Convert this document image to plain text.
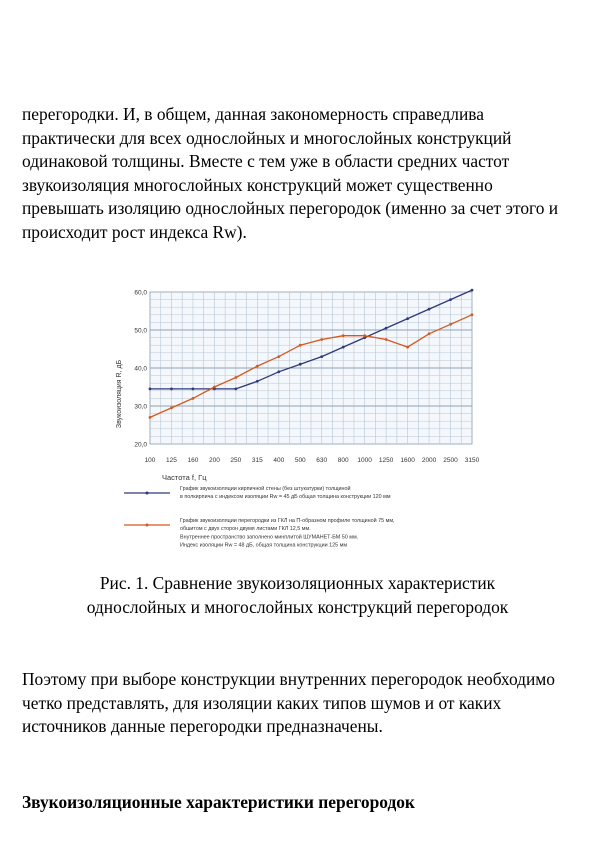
перегородки. И, в общем, данная закономерность справедлива практически для всех однослойных и многослойных конструкций одинаковой толщины. Вместе с тем уже в области средних частот звукоизоляция многослойных конструкций может существенно превышать изоляцию однослойных перегородок (именно за счет этого и происходит рост индекса Rw).

20,0
30,0
40,0
50,0
60,0
100 125 160 200 250 315 400 500 630 800 1000 1250 1600 2000 2500 3150
Звукоизоляция R, дБ
Частота f, Гц
График звукоизоляции кирпичной стены (без штукатурки) толщиной
в полкирпича с индексом изоляции Rw = 45 дБ общая толщина конструкции 120 мм
График звукоизоляции перегородки из ГКЛ на П-образном профиле толщиной 75 мм,
обшитом с двух сторон двумя листами ГКЛ 12,5 мм.
Внутреннее пространство заполнено минплитой ШУМАНЕТ-БМ 50 мм.
Индекс изоляции Rw = 48 дБ, общая толщина конструкции 125 мм

Рис. 1. Сравнение звукоизоляционных характеристик
однослойных и многослойных конструкций перегородок

Поэтому при выборе конструкции внутренних перегородок необходимо четко представлять, для изоляции каких типов шумов и от каких источников данные перегородки предназначены.

Звукоизоляционные характеристики перегородок
